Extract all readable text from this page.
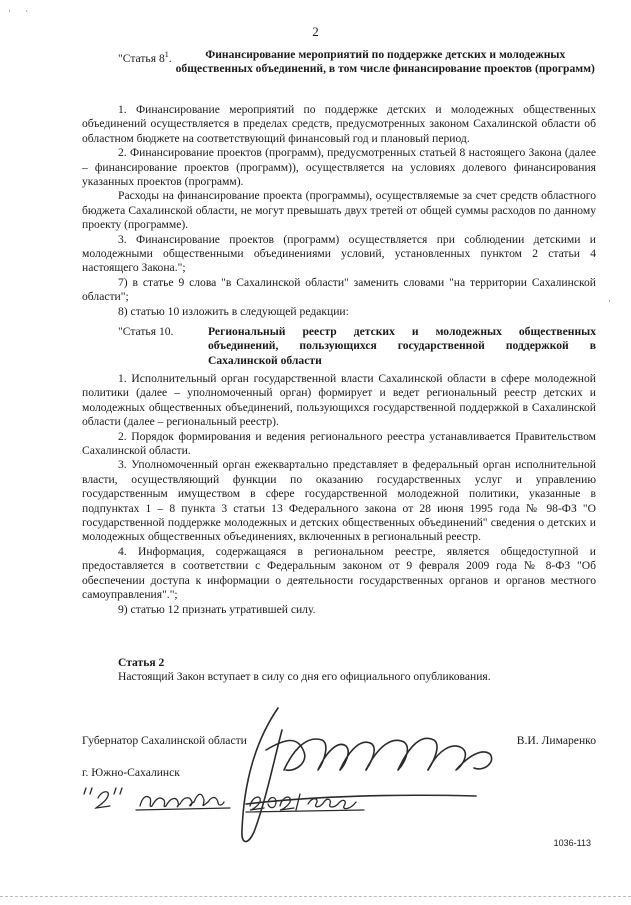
· ·
·
2
"Статья $8^1$.	Финансирование мероприятий по поддержке детских и молодежных общественных объединений, в том числе финансирование проектов (программ)

1. Финансирование мероприятий по поддержке детских и молодежных общественных объединений осуществляется в пределах средств, предусмотренных законом Сахалинской области об областном бюджете на соответствующий финансовый год и плановый период.

2. Финансирование проектов (программ), предусмотренных статьей 8 настоящего Закона (далее – финансирование проектов (программ)), осуществляется на условиях долевого финансирования указанных проектов (программ).

Расходы на финансирование проекта (программы), осуществляемые за счет средств областного бюджета Сахалинской области, не могут превышать двух третей от общей суммы расходов по данному проекту (программе).

3. Финансирование проектов (программ) осуществляется при соблюдении детскими и молодежными общественными объединениями условий, установленных пунктом 2 статьи 4 настоящего Закона.";

7) в статье 9 слова "в Сахалинской области" заменить словами "на территории Сахалинской области";

8) статью 10 изложить в следующей редакции:

"Статья 10.	Региональный реестр детских и молодежных общественных объединений, пользующихся государственной поддержкой в Сахалинской области

1. Исполнительный орган государственной власти Сахалинской области в сфере молодежной политики (далее – уполномоченный орган) формирует и ведет региональный реестр детских и молодежных общественных объединений, пользующихся государственной поддержкой в Сахалинской области (далее – региональный реестр).

2. Порядок формирования и ведения регионального реестра устанавливается Правительством Сахалинской области.

3. Уполномоченный орган ежеквартально представляет в федеральный орган исполнительной власти, осуществляющий функции по оказанию государственных услуг и управлению государственным имуществом в сфере государственной молодежной политики, указанные в подпунктах 1 – 8 пункта 3 статьи 13 Федерального закона от 28 июня 1995 года № 98-ФЗ "О государственной поддержке молодежных и детских общественных объединений" сведения о детских и молодежных общественных объединениях, включенных в региональный реестр.

4. Информация, содержащаяся в региональном реестре, является общедоступной и предоставляется в соответствии с Федеральным законом от 9 февраля 2009 года № 8-ФЗ "Об обеспечении доступа к информации о деятельности государственных органов и органов местного самоуправления".";

9) статью 12 признать утратившей силу.

Статья 2

Настоящий Закон вступает в силу со дня его официального опубликования.

Губернатор Сахалинской области	В.И. Лимаренко
г. Южно-Сахалинск
1036-113
